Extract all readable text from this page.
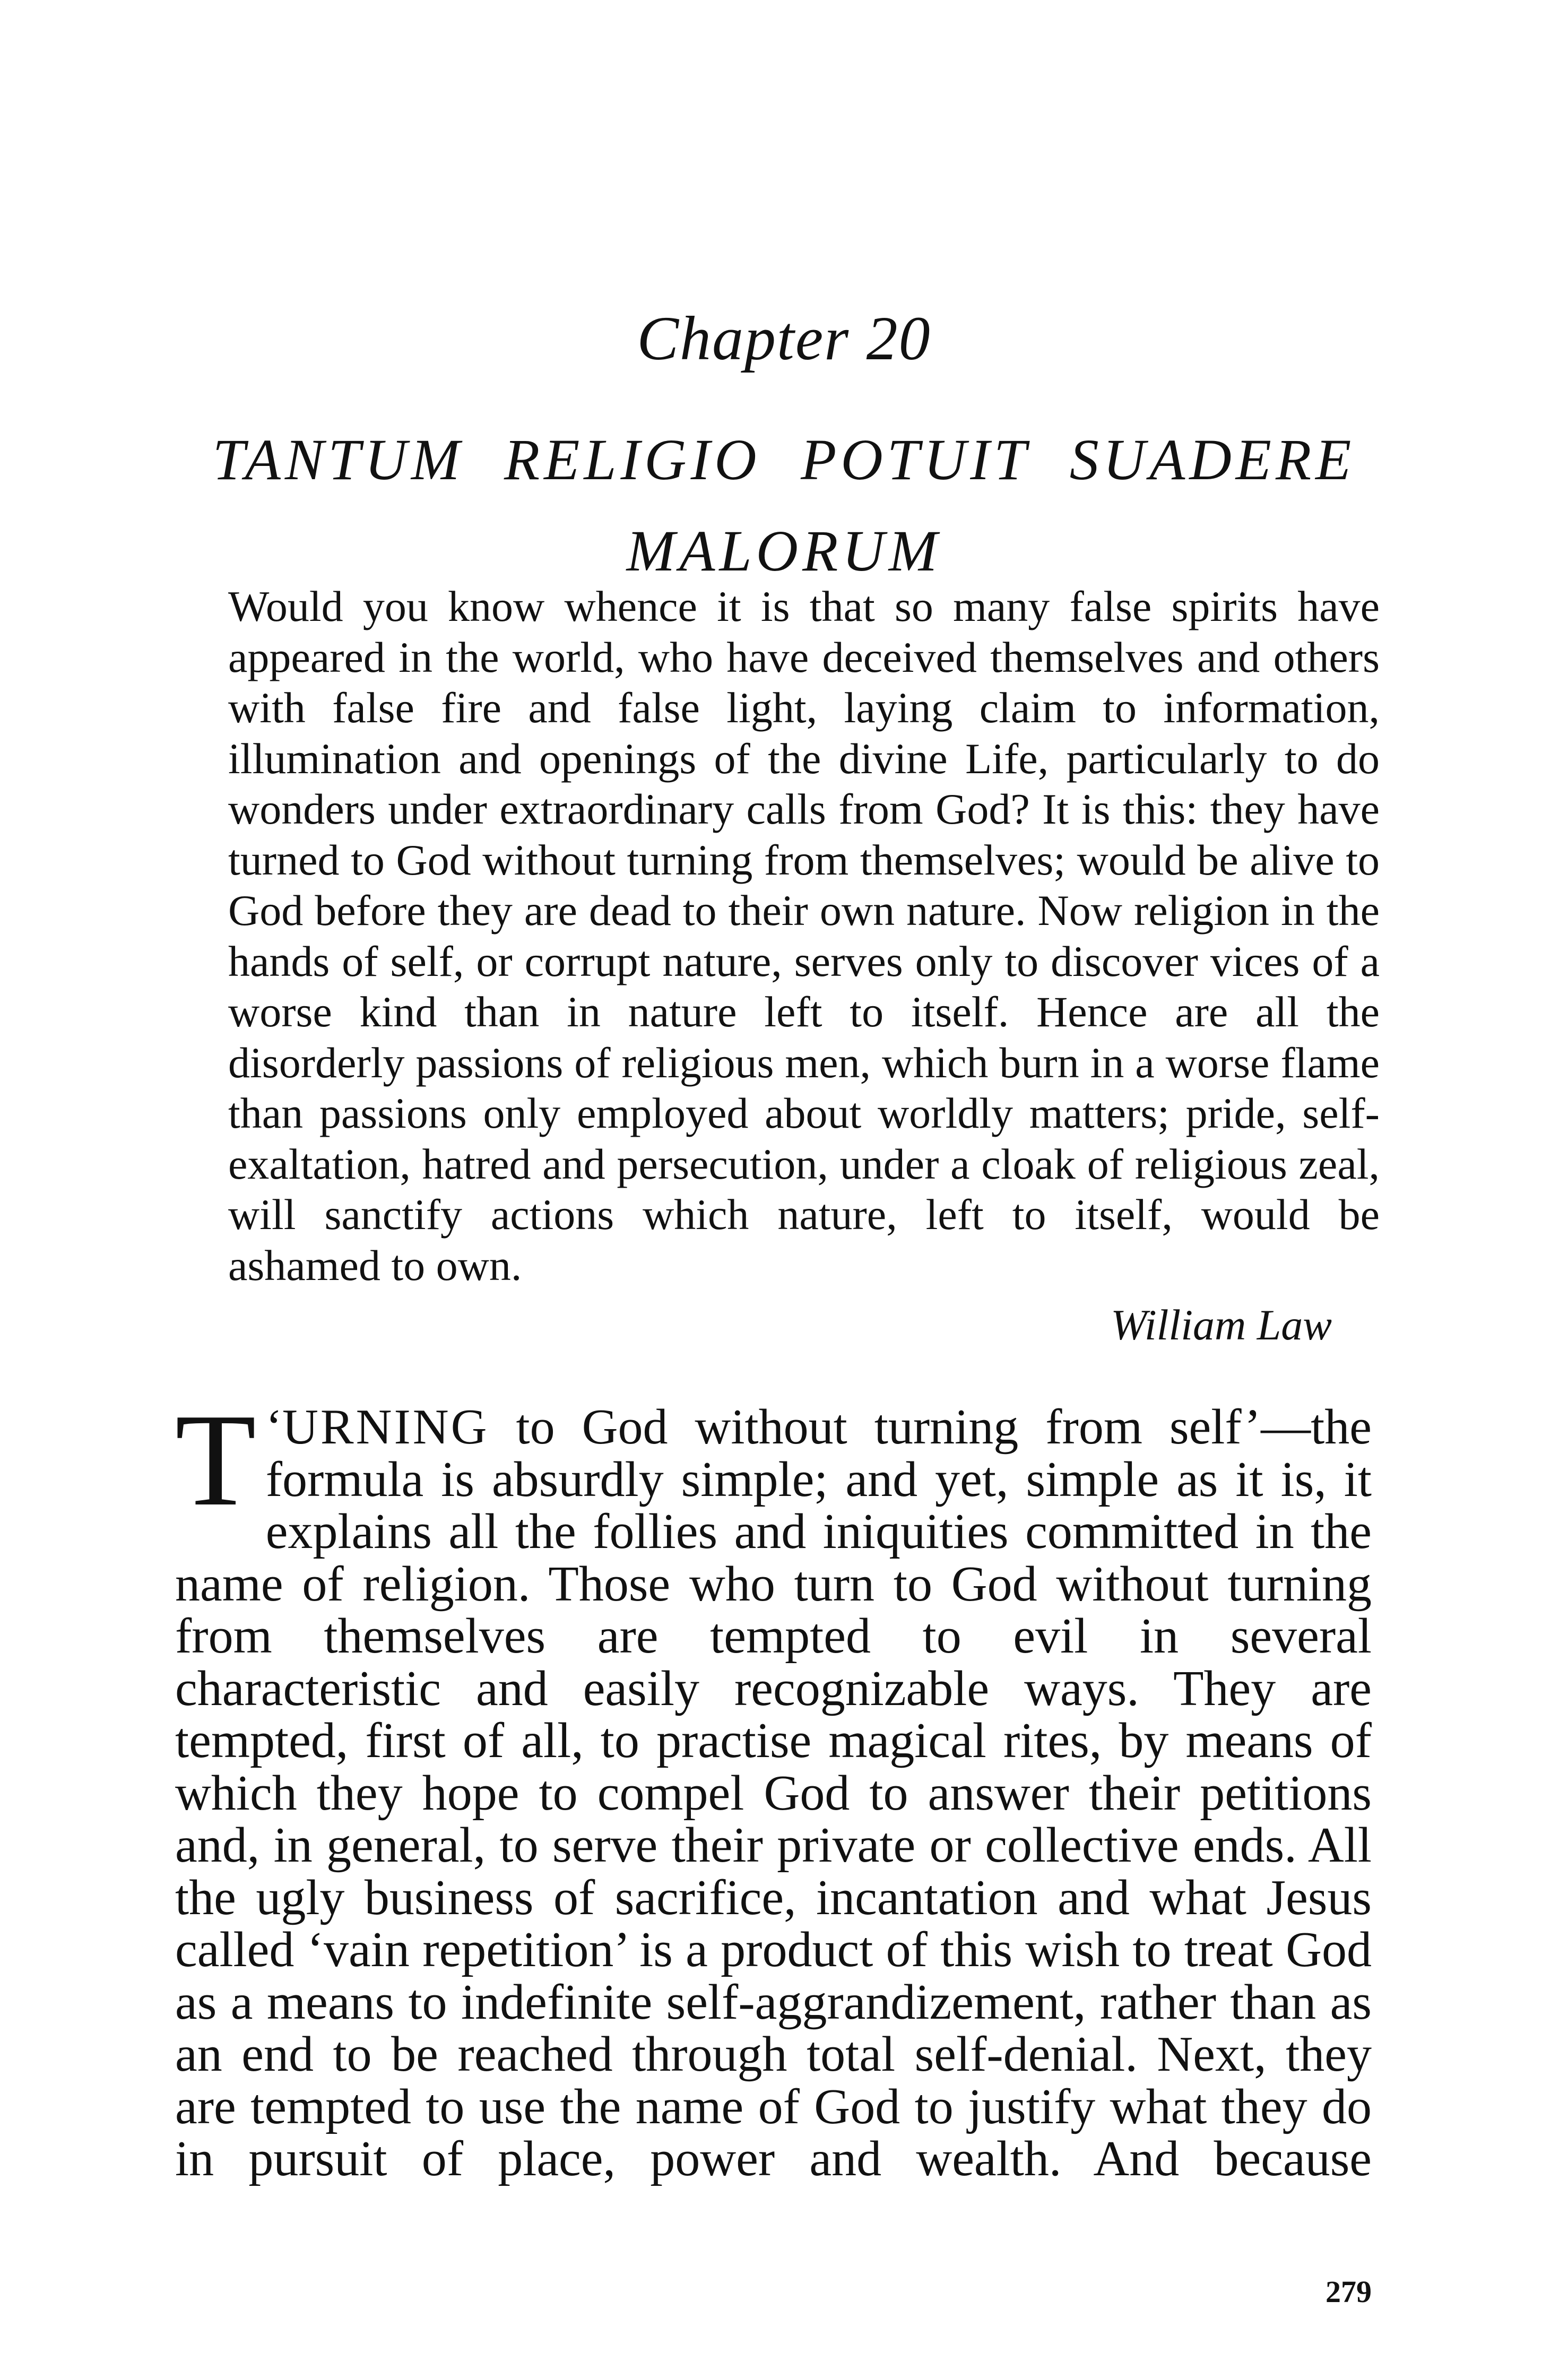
Chapter 20
TANTUM RELIGIO POTUIT SUADERE MALORUM
Would you know whence it is that so many false spirits have appeared in the world, who have deceived themselves and others with false fire and false light, laying claim to information, illumination and openings of the divine Life, particularly to do wonders under extraordinary calls from God? It is this: they have turned to God without turning from themselves; would be alive to God before they are dead to their own nature. Now religion in the hands of self, or corrupt nature, serves only to discover vices of a worse kind than in nature left to itself. Hence are all the disorderly passions of religious men, which burn in a worse flame than passions only employed about worldly matters; pride, self-exaltation, hatred and persecution, under a cloak of religious zeal, will sanctify actions which nature, left to itself, would be ashamed to own.
William Law
‘
T URNING to God without turning from self’—the formula is absurdly simple; and yet, simple as it is, it explains all the follies and iniquities committed in the name of religion. Those who turn to God without turning from themselves are tempted to evil in several characteristic and easily recognizable ways. They are tempted, first of all, to practise magical rites, by means of which they hope to compel God to answer their petitions and, in general, to serve their private or collective ends. All the ugly business of sacrifice, incantation and what Jesus called ‘vain repetition’ is a product of this wish to treat God as a means to indefinite self-aggrandizement, rather than as an end to be reached through total self-denial. Next, they are tempted to use the name of God to justify what they do in pursuit of place, power and wealth. And because
279
